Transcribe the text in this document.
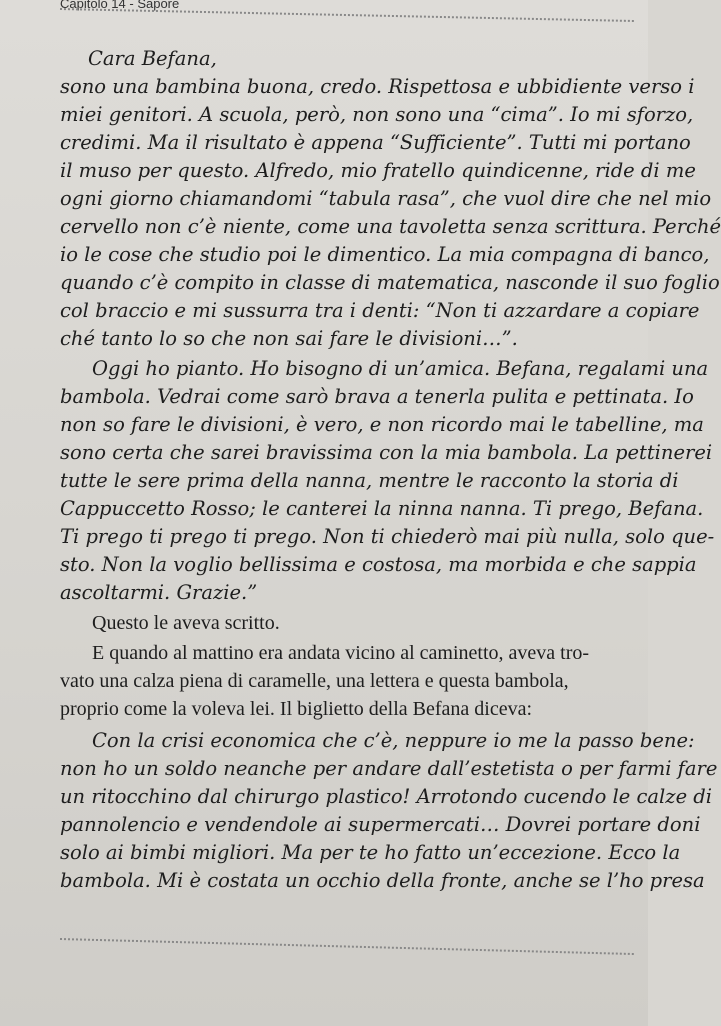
Capitolo 14 - Sapore
Cara Befana,
sono una bambina buona, credo. Rispettosa e ubbidiente verso i
miei genitori. A scuola, però, non sono una “cima”. Io mi sforzo,
credimi. Ma il risultato è appena “Sufficiente”. Tutti mi portano
il muso per questo. Alfredo, mio fratello quindicenne, ride di me
ogni giorno chiamandomi “tabula rasa”, che vuol dire che nel mio
cervello non c’è niente, come una tavoletta senza scrittura. Perché
io le cose che studio poi le dimentico. La mia compagna di banco,
quando c’è compito in classe di matematica, nasconde il suo foglio
col braccio e mi sussurra tra i denti: “Non ti azzardare a copiare
ché tanto lo so che non sai fare le divisioni…”.
Oggi ho pianto. Ho bisogno di un’amica. Befana, regalami una
bambola. Vedrai come sarò brava a tenerla pulita e pettinata. Io
non so fare le divisioni, è vero, e non ricordo mai le tabelline, ma
sono certa che sarei bravissima con la mia bambola. La pettinerei
tutte le sere prima della nanna, mentre le racconto la storia di
Cappuccetto Rosso; le canterei la ninna nanna. Ti prego, Befana.
Ti prego ti prego ti prego. Non ti chiederò mai più nulla, solo que-
sto. Non la voglio bellissima e costosa, ma morbida e che sappia
ascoltarmi. Grazie.”
Questo le aveva scritto.
E quando al mattino era andata vicino al caminetto, aveva tro-
vato una calza piena di caramelle, una lettera e questa bambola,
proprio come la voleva lei. Il biglietto della Befana diceva:
Con la crisi economica che c’è, neppure io me la passo bene:
non ho un soldo neanche per andare dall’estetista o per farmi fare
un ritocchino dal chirurgo plastico! Arrotondo cucendo le calze di
pannolencio e vendendole ai supermercati… Dovrei portare doni
solo ai bimbi migliori. Ma per te ho fatto un’eccezione. Ecco la
bambola. Mi è costata un occhio della fronte, anche se l’ho presa
